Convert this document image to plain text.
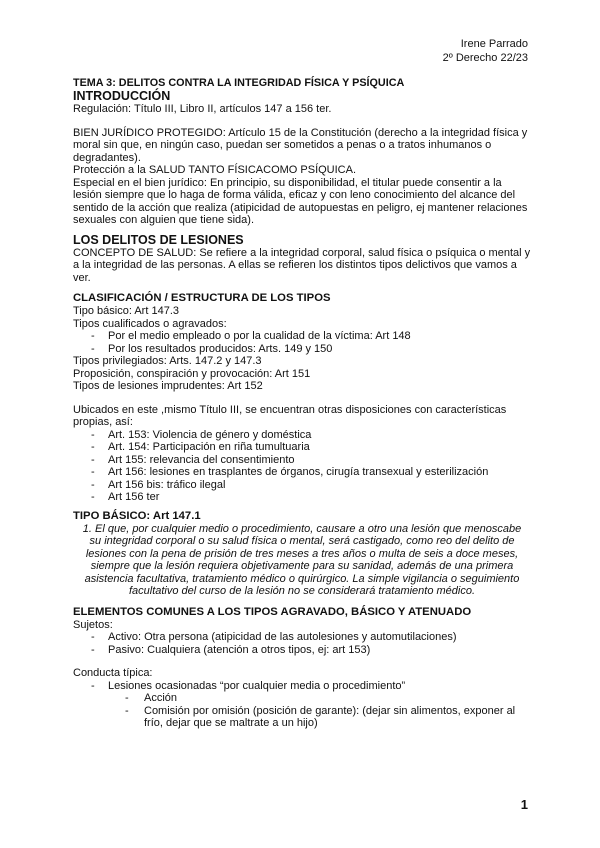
Irene Parrado
2º Derecho 22/23
TEMA 3: DELITOS CONTRA LA INTEGRIDAD FÍSICA Y PSÍQUICA
INTRODUCCIÓN

Regulación: Título III, Libro II, artículos 147 a 156 ter.

BIEN JURÍDICO PROTEGIDO: Artículo 15 de la Constitución (derecho a la integridad física y moral sin que, en ningún caso, puedan ser sometidos a penas o a tratos inhumanos o degradantes).

Protección a la SALUD TANTO FÍSICACOMO PSÍQUICA.

Especial en el bien jurídico: En principio, su disponibilidad, el titular puede consentir a la lesión siempre que lo haga de forma válida, eficaz y con leno conocimiento del alcance del sentido de la acción que realiza (atipicidad de autopuestas en peligro, ej mantener relaciones sexuales con alguien que tiene sida).

LOS DELITOS DE LESIONES

CONCEPTO DE SALUD: Se refiere a la integridad corporal, salud física o psíquica o mental y a la integridad de las personas. A ellas se refieren los distintos tipos delictivos que vamos a ver.

CLASIFICACIÓN / ESTRUCTURA DE LOS TIPOS

Tipo básico: Art 147.3

Tipos cualificados o agravados:

- Por el medio empleado o por la cualidad de la víctima: Art 148
- Por los resultados producidos: Arts. 149 y 150

Tipos privilegiados: Arts. 147.2 y 147.3

Proposición, conspiración y provocación: Art 151

Tipos de lesiones imprudentes: Art 152

Ubicados en este ,mismo Título III, se encuentran otras disposiciones con características propias, así:

- Art. 153: Violencia de género y doméstica
- Art. 154: Participación en riña tumultuaria
- Art 155: relevancia del consentimiento
- Art 156: lesiones en trasplantes de órganos, cirugía transexual y esterilización
- Art 156 bis: tráfico ilegal
- Art 156 ter
TIPO BÁSICO: Art 147.1

1. El que, por cualquier medio o procedimiento, causare a otro una lesión que menoscabe su integridad corporal o su salud física o mental, será castigado, como reo del delito de lesiones con la pena de prisión de tres meses a tres años o multa de seis a doce meses, siempre que la lesión requiera objetivamente para su sanidad, además de una primera asistencia facultativa, tratamiento médico o quirúrgico. La simple vigilancia o seguimiento facultativo del curso de la lesión no se considerará tratamiento médico.

ELEMENTOS COMUNES A LOS TIPOS AGRAVADO, BÁSICO Y ATENUADO

Sujetos:

- Activo: Otra persona (atipicidad de las autolesiones y automutilaciones)
- Pasivo: Cualquiera (atención a otros tipos, ej: art 153)

Conducta típica:

- Lesiones ocasionadas “por cualquier media o procedimiento”
- Acción
- Comisión por omisión (posición de garante): (dejar sin alimentos, exponer al frío, dejar que se maltrate a un hijo)
1
